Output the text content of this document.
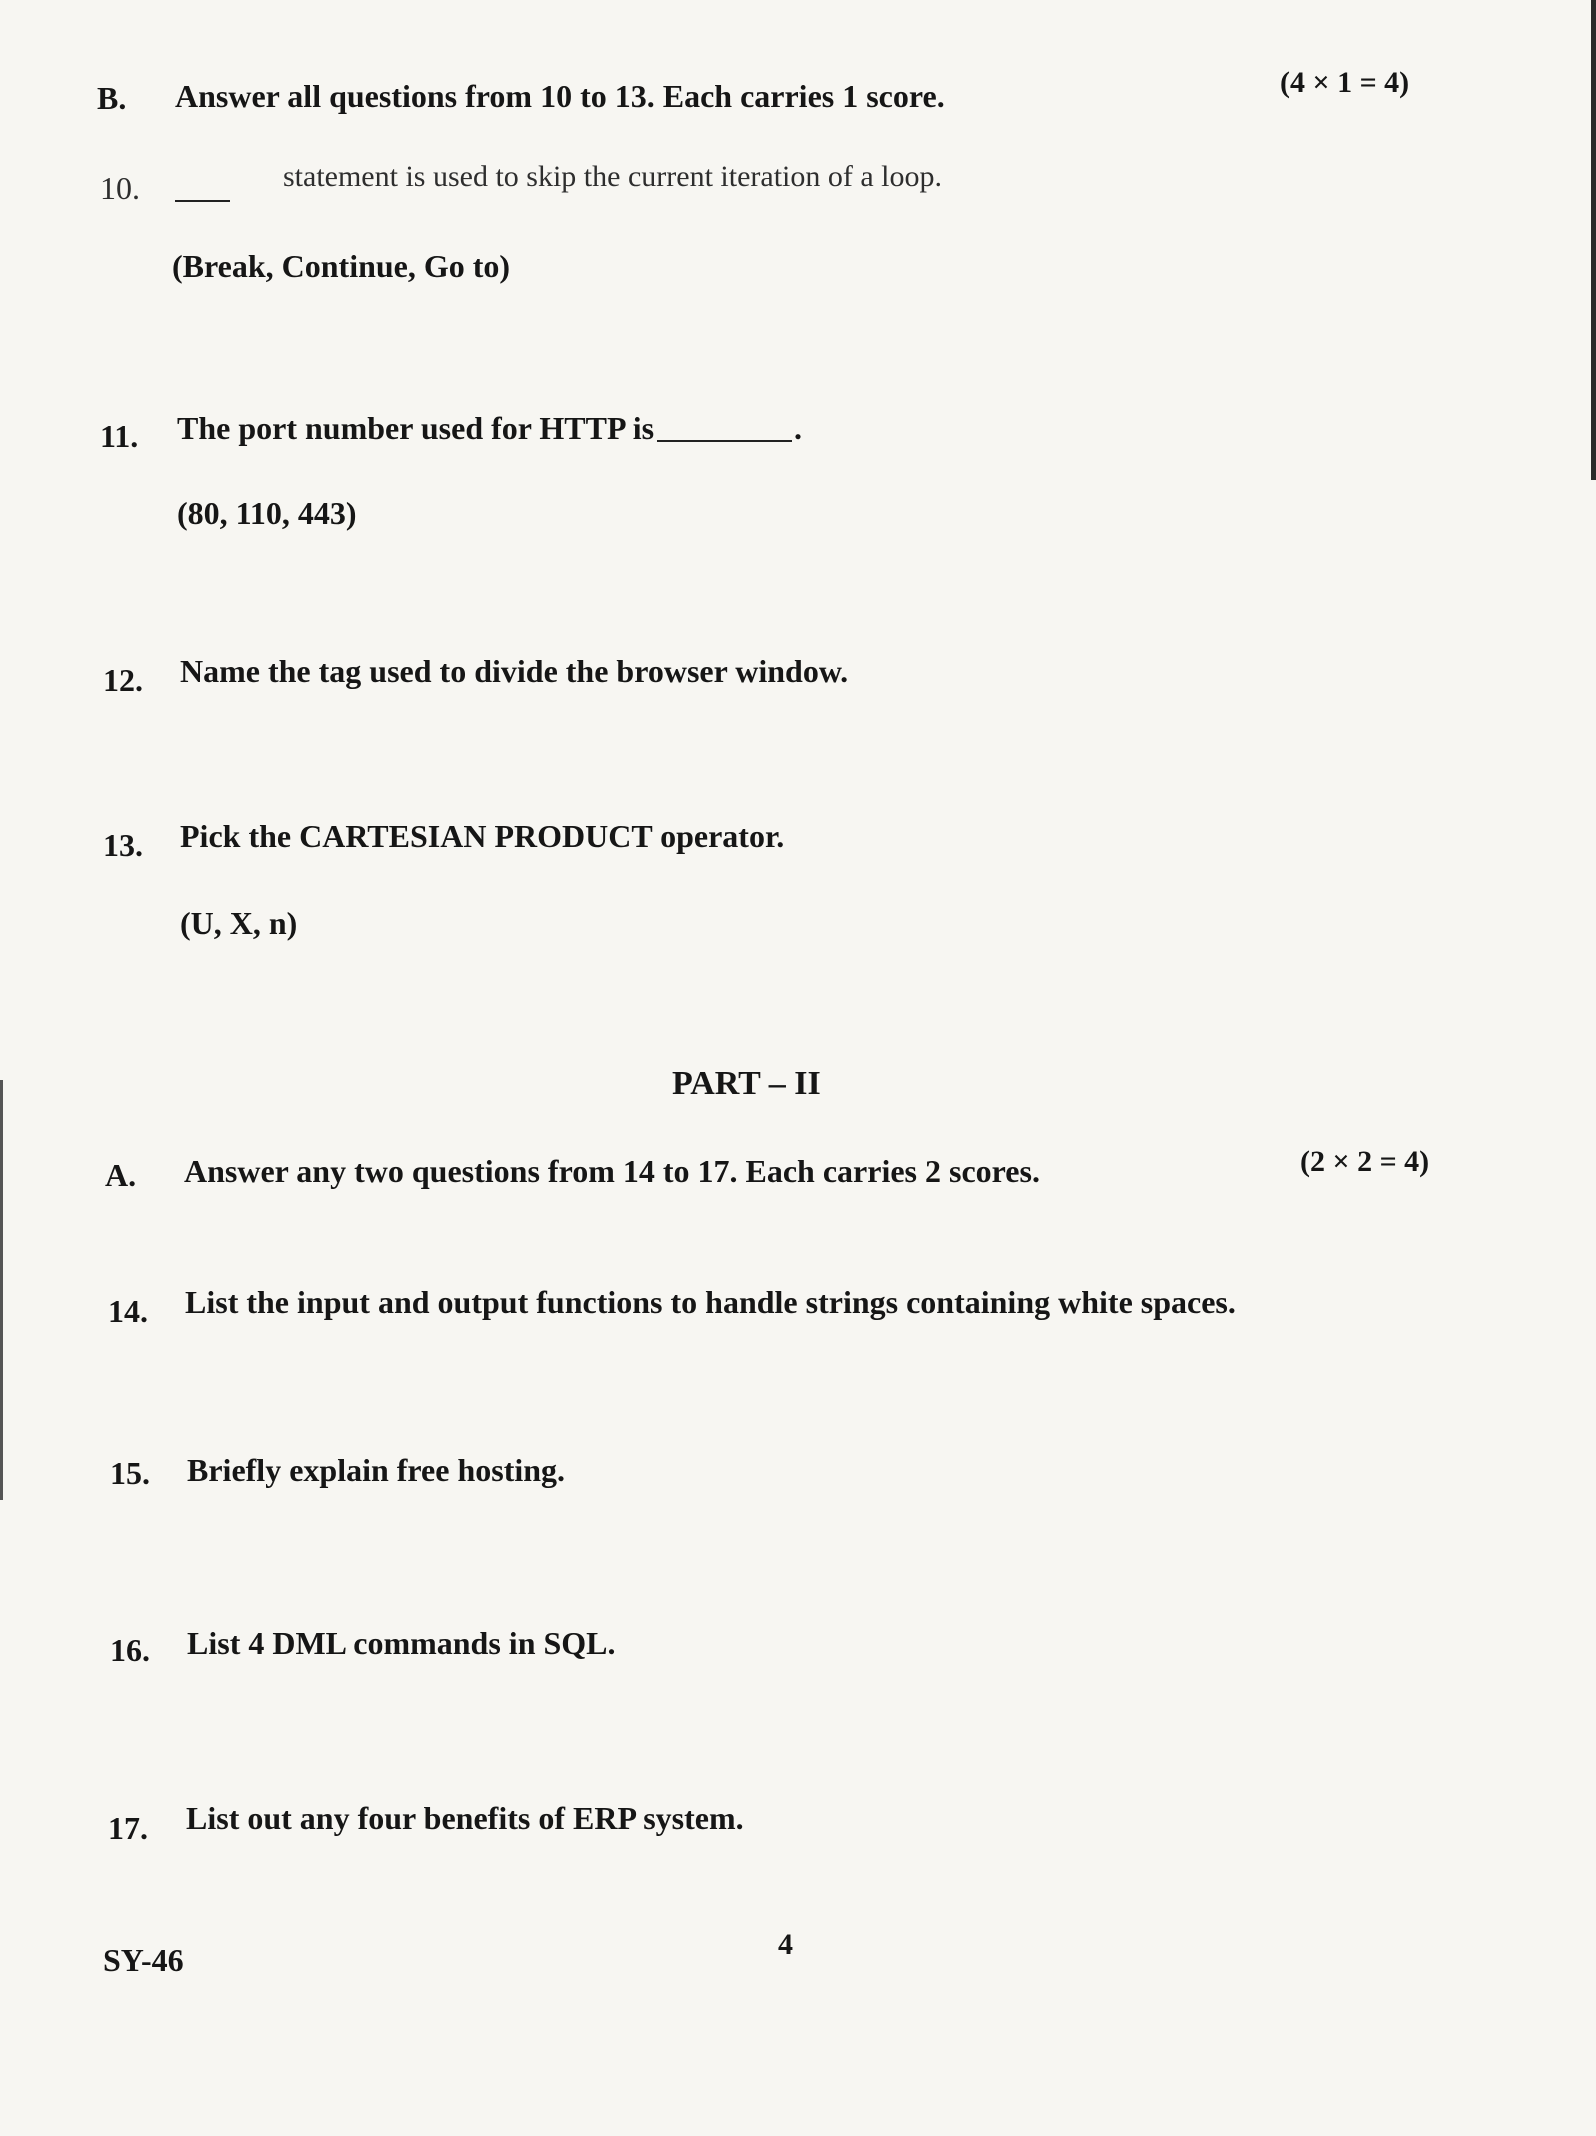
B. Answer all questions from 10 to 13. Each carries 1 score.	(4 × 1 = 4)
10.	statement is used to skip the current iteration of a loop.
(Break, Continue, Go to)
11. The port number used for HTTP is	.
(80, 110, 443)
12. Name the tag used to divide the browser window.
13. Pick the CARTESIAN PRODUCT operator.
(U, X, n)
PART – II
A. Answer any two questions from 14 to 17. Each carries 2 scores.	(2 × 2 = 4)
14. List the input and output functions to handle strings containing white spaces.
15. Briefly explain free hosting.
16. List 4 DML commands in SQL.
17. List out any four benefits of ERP system.
SY-46	4
